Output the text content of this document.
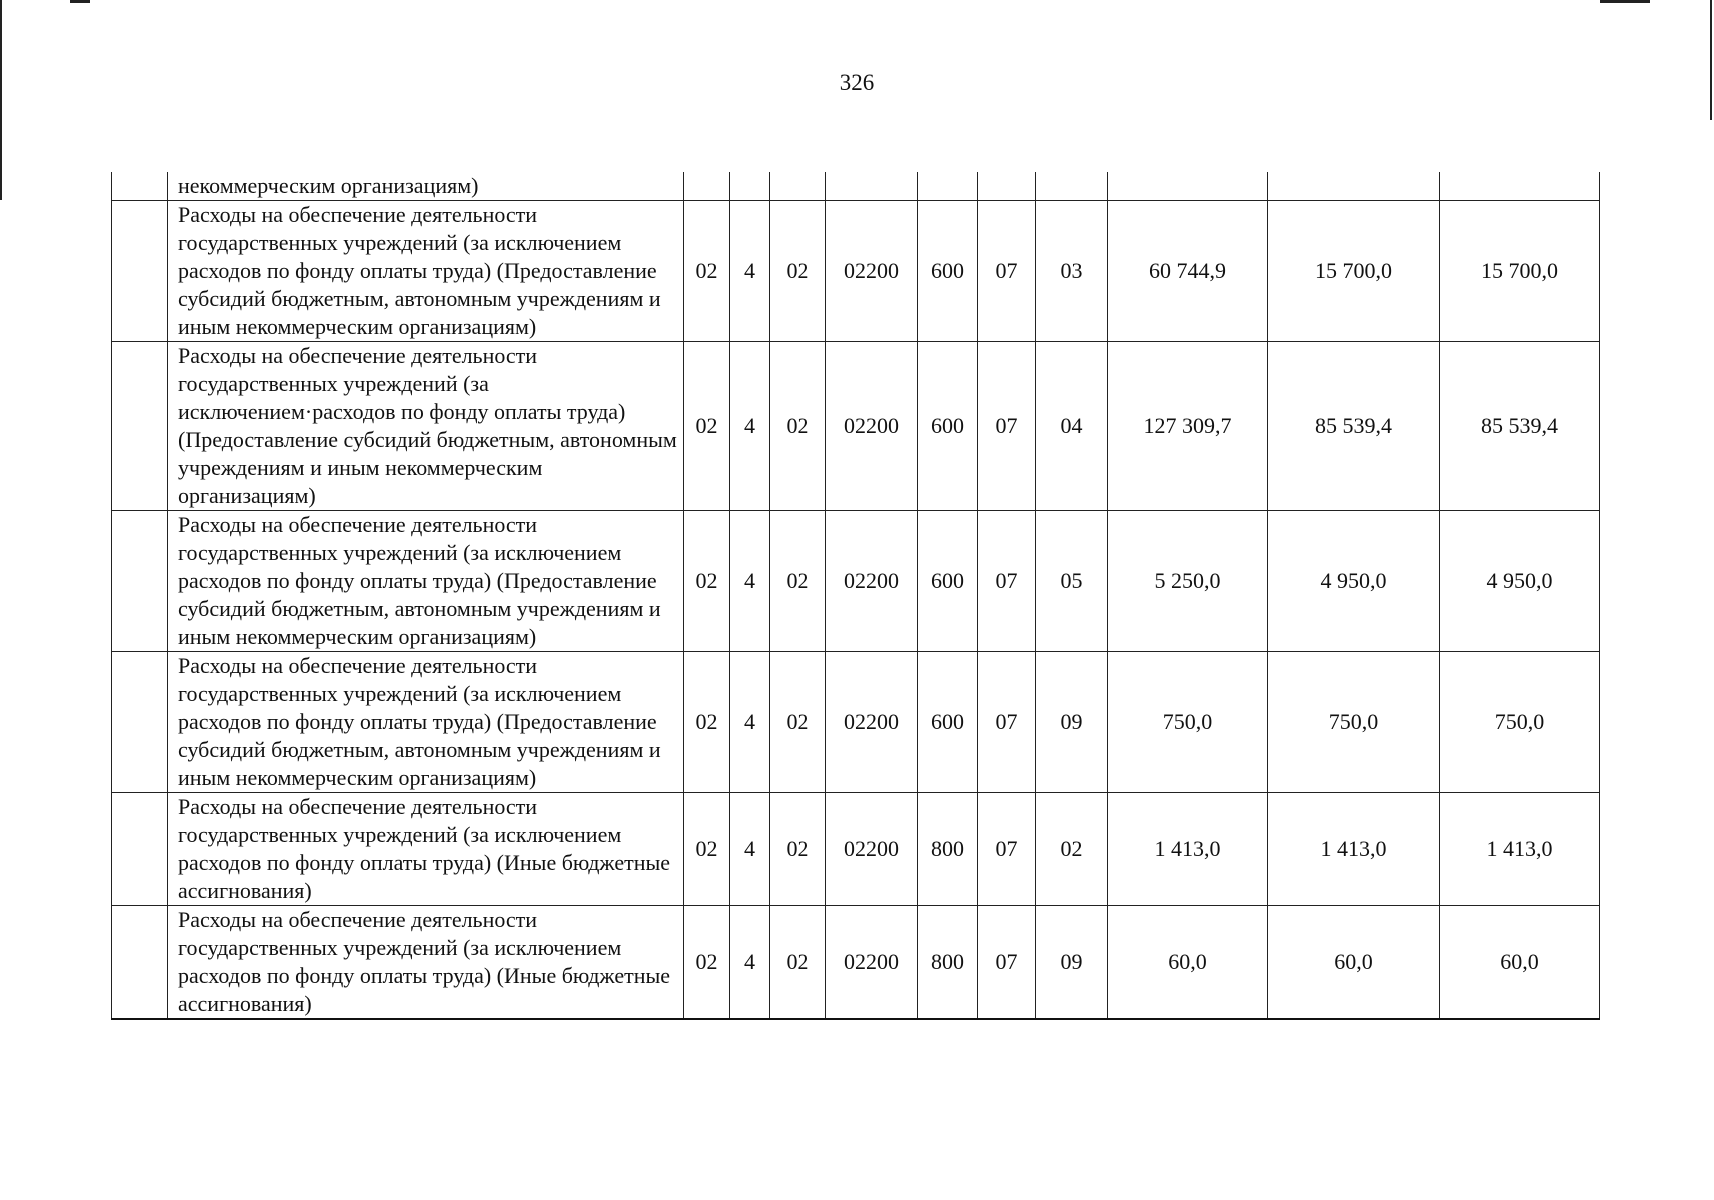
326
	некоммерческим организациям)										
	Расходы на обеспечение деятельности государственных учреждений (за исключением расходов по фонду оплаты труда) (Предоставление субсидий бюджетным, автономным учреждениям и иным некоммерческим организациям)	02	4	02	02200	600	07	03	60 744,9	15 700,0	15 700,0
	Расходы на обеспечение деятельности государственных учреждений (за исключением·расходов по фонду оплаты труда) (Предоставление субсидий бюджетным, автономным учреждениям и иным некоммерческим организациям)	02	4	02	02200	600	07	04	127 309,7	85 539,4	85 539,4
	Расходы на обеспечение деятельности государственных учреждений (за исключением расходов по фонду оплаты труда) (Предоставление субсидий бюджетным, автономным учреждениям и иным некоммерческим организациям)	02	4	02	02200	600	07	05	5 250,0	4 950,0	4 950,0
	Расходы на обеспечение деятельности государственных учреждений (за исключением расходов по фонду оплаты труда) (Предоставление субсидий бюджетным, автономным учреждениям и иным некоммерческим организациям)	02	4	02	02200	600	07	09	750,0	750,0	750,0
	Расходы на обеспечение деятельности государственных учреждений (за исключением расходов по фонду оплаты труда) (Иные бюджетные ассигнования)	02	4	02	02200	800	07	02	1 413,0	1 413,0	1 413,0
	Расходы на обеспечение деятельности государственных учреждений (за исключением расходов по фонду оплаты труда) (Иные бюджетные ассигнования)	02	4	02	02200	800	07	09	60,0	60,0	60,0
